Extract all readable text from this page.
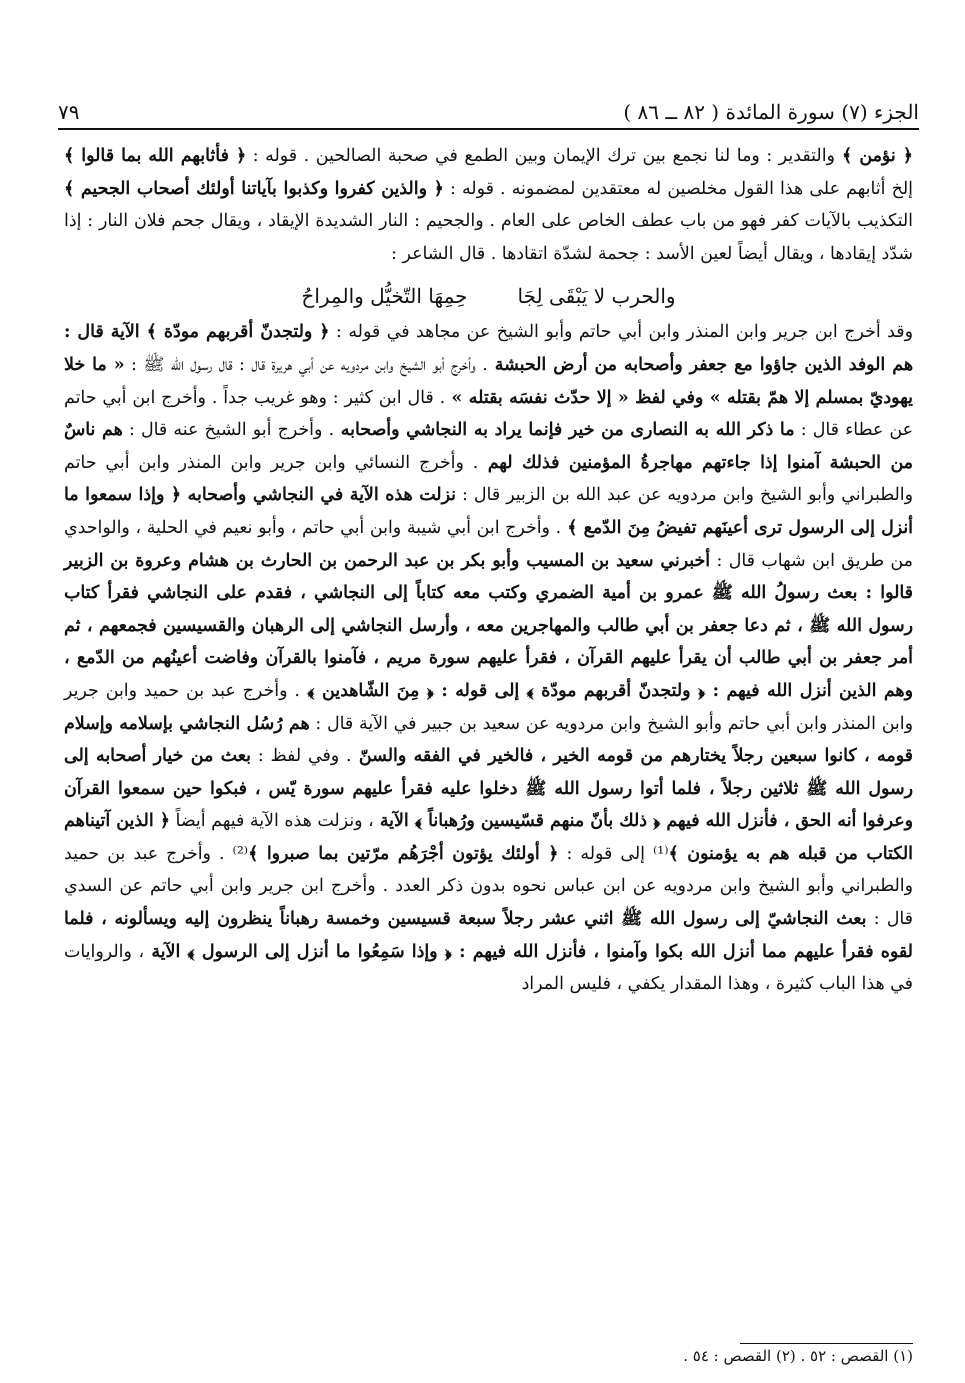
٧٩	الجزء (٧) سورة المائدة ( ٨٢ ــ ٨٦ )

﴿ نؤمن ﴾ والتقدير : وما لنا نجمع بين ترك الإيمان وبين الطمع في صحبة الصالحين . قوله : ﴿ فأثابهم الله بما قالوا ﴾ إلخ أثابهم على هذا القول مخلصين له معتقدين لمضمونه . قوله : ﴿ والذين كفروا وكذبوا بآياتنا أولئك أصحاب الجحيم ﴾ التكذيب بالآيات كفر فهو من باب عطف الخاص على العام . والجحيم : النار الشديدة الإيقاد ، ويقال جحم فلان النار : إذا شدّد إيقادها ، ويقال أيضاً لعين الأسد : جحمة لشدّة اتقادها . قال الشاعر :

والحرب لا يَبْقَى لِجَا
حِمِهَا التّخيُّل والمِراحُ

وقد أخرج ابن جرير وابن المنذر وابن أبي حاتم وأبو الشيخ عن مجاهد في قوله : ﴿ ولتجدنّ أقربهم مودّة ﴾ الآية قال : هم الوفد الذين جاؤوا مع جعفر وأصحابه من أرض الحبشة . وأخرج أبو الشيخ وابن مردويه عن أبي هريرة قال : قال رسول الله ﷺ : « ما خلا يهوديّ بمسلم إلا همّ بقتله » وفي لفظ « إلا حدّث نفسَه بقتله » . قال ابن كثير : وهو غريب جداً . وأخرج ابن أبي حاتم عن عطاء قال : ما ذكر الله به النصارى من خير فإنما يراد به النجاشي وأصحابه . وأخرج أبو الشيخ عنه قال : هم ناسٌ من الحبشة آمنوا إذا جاءتهم مهاجرةُ المؤمنين فذلك لهم . وأخرج النسائي وابن جرير وابن المنذر وابن أبي حاتم والطبراني وأبو الشيخ وابن مردويه عن عبد الله بن الزبير قال : نزلت هذه الآية في النجاشي وأصحابه ﴿ وإذا سمعوا ما أنزل إلى الرسول ترى أعينَهم تفيضُ مِنَ الدّمع ﴾ . وأخرج ابن أبي شيبة وابن أبي حاتم ، وأبو نعيم في الحلية ، والواحدي من طريق ابن شهاب قال : أخبرني سعيد بن المسيب وأبو بكر بن عبد الرحمن بن الحارث بن هشام وعروة بن الزبير قالوا : بعث رسولُ الله ﷺ عمرو بن أمية الضمري وكتب معه كتاباً إلى النجاشي ، فقدم على النجاشي فقرأ كتاب رسول الله ﷺ ، ثم دعا جعفر بن أبي طالب والمهاجرين معه ، وأرسل النجاشي إلى الرهبان والقسيسين فجمعهم ، ثم أمر جعفر بن أبي طالب أن يقرأ عليهم القرآن ، فقرأ عليهم سورة مريم ، فآمنوا بالقرآن وفاضت أعينُهم من الدّمع ، وهم الذين أنزل الله فيهم : ﴿ ولتجدنّ أقربهم مودّة ﴾ إلى قوله : ﴿ مِنَ الشّاهدين ﴾ . وأخرج عبد بن حميد وابن جرير وابن المنذر وابن أبي حاتم وأبو الشيخ وابن مردويه عن سعيد بن جبير في الآية قال : هم رُسُل النجاشي بإسلامه وإسلام قومه ، كانوا سبعين رجلاً يختارهم من قومه الخير ، فالخير في الفقه والسنّ . وفي لفظ : بعث من خيار أصحابه إلى رسول الله ﷺ ثلاثين رجلاً ، فلما أتوا رسول الله ﷺ دخلوا عليه فقرأ عليهم سورة يّس ، فبكوا حين سمعوا القرآن وعرفوا أنه الحق ، فأنزل الله فيهم ﴿ ذلك بأنّ منهم قسّيسين ورُهباناً ﴾ الآية ، ونزلت هذه الآية فيهم أيضاً ﴿ الذين آتيناهم الكتاب من قبله هم به يؤمنون ﴾⁽¹⁾ إلى قوله : ﴿ أولئك يؤتون أجْرَهُم مرّتين بما صبروا ﴾⁽²⁾ . وأخرج عبد بن حميد والطبراني وأبو الشيخ وابن مردويه عن ابن عباس نحوه بدون ذكر العدد . وأخرج ابن جرير وابن أبي حاتم عن السدي قال : بعث النجاشيّ إلى رسول الله ﷺ اثني عشر رجلاً سبعة قسيسين وخمسة رهباناً ينظرون إليه ويسألونه ، فلما لقوه فقرأ عليهم مما أنزل الله بكوا وآمنوا ، فأنزل الله فيهم : ﴿ وإذا سَمِعُوا ما أنزل إلى الرسول ﴾ الآية ، والروايات في هذا الباب كثيرة ، وهذا المقدار يكفي ، فليس المراد

(١) القصص : ٥٢ . (٢) القصص : ٥٤ .
